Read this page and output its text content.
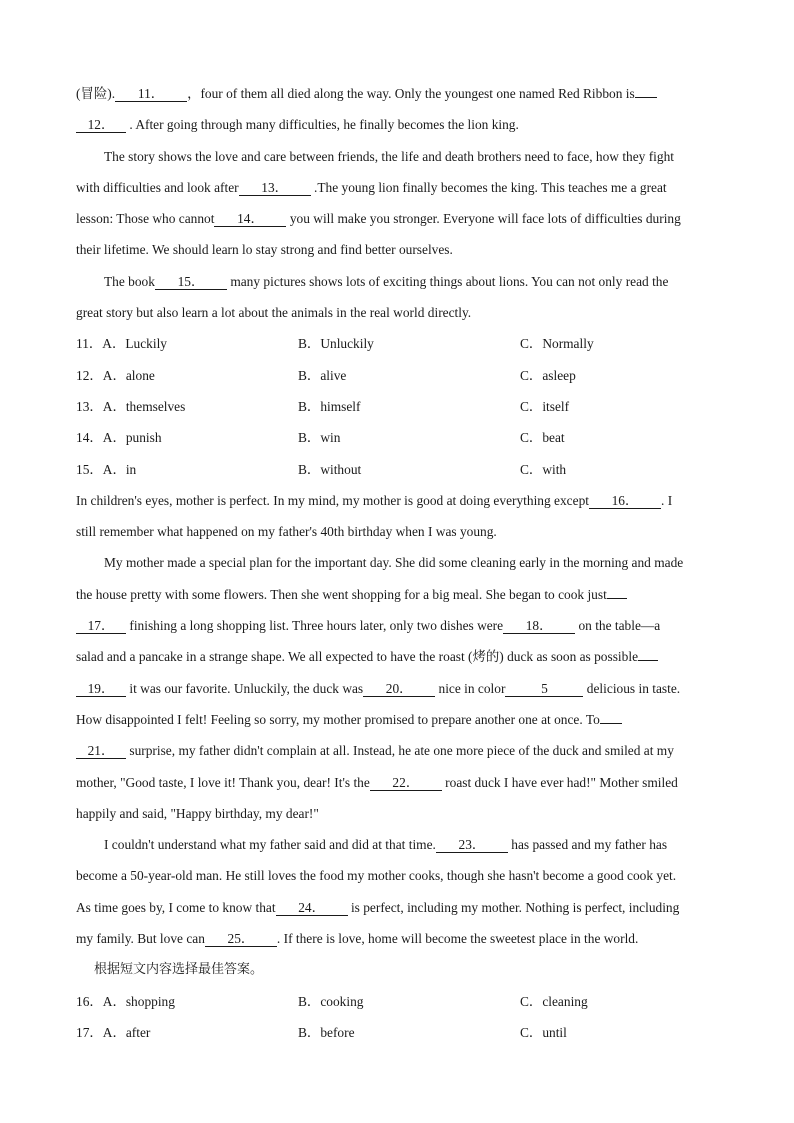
(冒险). 11． ，four of them all died along the way. Only the youngest one named Red Ribbon is
12． . After going through many difficulties, he finally becomes the lion king.
The story shows the love and care between friends, the life and death brothers need to face, how they fight
with difficulties and look after 13． .The young lion finally becomes the king. This teaches me a great
lesson: Those who cannot 14． you will make you stronger. Everyone will face lots of difficulties during
their lifetime. We should learn lo stay strong and find better ourselves.
The book 15． many pictures shows lots of exciting things about lions. You can not only read the
great story but also learn a lot about the animals in the real world directly.
11．A．Luckily	B．Unluckily	C．Normally
12．A．alone	B．alive	C．asleep
13．A．themselves	B．himself	C．itself
14．A．punish	B．win	C．beat
15．A．in	B．without	C．with
In children's eyes, mother is perfect. In my mind, my mother is good at doing everything except 16． . I
still remember what happened on my father's 40th birthday when I was young.
My mother made a special plan for the important day. She did some cleaning early in the morning and made
the house pretty with some flowers. Then she went shopping for a big meal. She began to cook just
17． finishing a long shopping list. Three hours later, only two dishes were 18． on the table—a
salad and a pancake in a strange shape. We all expected to have the roast (烤的) duck as soon as possible
19． it was our favorite. Unluckily, the duck was 20． nice in color	5	delicious in taste.
How disappointed I felt! Feeling so sorry, my mother promised to prepare another one at once. To
21． surprise, my father didn't complain at all. Instead, he ate one more piece of the duck and smiled at my
mother, "Good taste, I love it! Thank you, dear! It's the 22． roast duck I have ever had!" Mother smiled
happily and said, "Happy birthday, my dear!"
I couldn't understand what my father said and did at that time. 23． has passed and my father has
become a 50-year-old man. He still loves the food my mother cooks, though she hasn't become a good cook yet.
As time goes by, I come to know that 24． is perfect, including my mother. Nothing is perfect, including
my family. But love can 25． . If there is love, home will become the sweetest place in the world.
根据短文内容选择最佳答案。
16．A．shopping	B．cooking	C．cleaning
17．A．after	B．before	C．until
